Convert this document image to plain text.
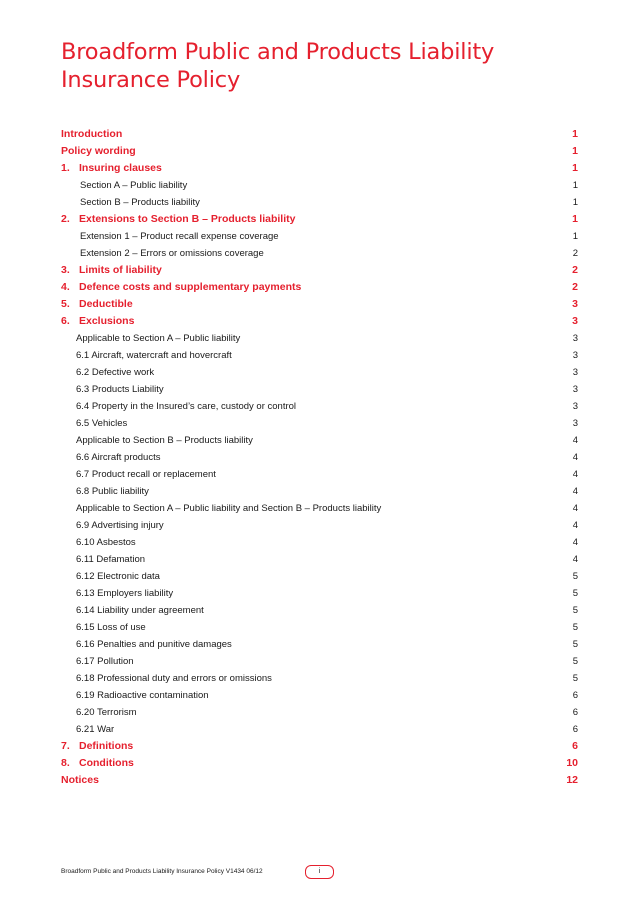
Broadform Public and Products Liability
Insurance Policy
Introduction	1
Policy wording	1
1. Insuring clauses	1
Section A – Public liability	1
Section B – Products liability	1
2. Extensions to Section B – Products liability	1
Extension 1 – Product recall expense coverage	1
Extension 2 – Errors or omissions coverage	2
3. Limits of liability	2
4. Defence costs and supplementary payments	2
5. Deductible	3
6. Exclusions	3
Applicable to Section A – Public liability	3
6.1 Aircraft, watercraft and hovercraft	3
6.2 Defective work	3
6.3 Products Liability	3
6.4 Property in the Insured’s care, custody or control	3
6.5 Vehicles	3
Applicable to Section B – Products liability	4
6.6 Aircraft products	4
6.7 Product recall or replacement	4
6.8 Public liability	4
Applicable to Section A – Public liability and Section B – Products liability	4
6.9 Advertising injury	4
6.10 Asbestos	4
6.11 Defamation	4
6.12 Electronic data	5
6.13 Employers liability	5
6.14 Liability under agreement	5
6.15 Loss of use	5
6.16 Penalties and punitive damages	5
6.17 Pollution	5
6.18 Professional duty and errors or omissions	5
6.19 Radioactive contamination	6
6.20 Terrorism	6
6.21 War	6
7. Definitions	6
8. Conditions	10
Notices	12
Broadform Public and Products Liability Insurance Policy V1434 06/12	i
